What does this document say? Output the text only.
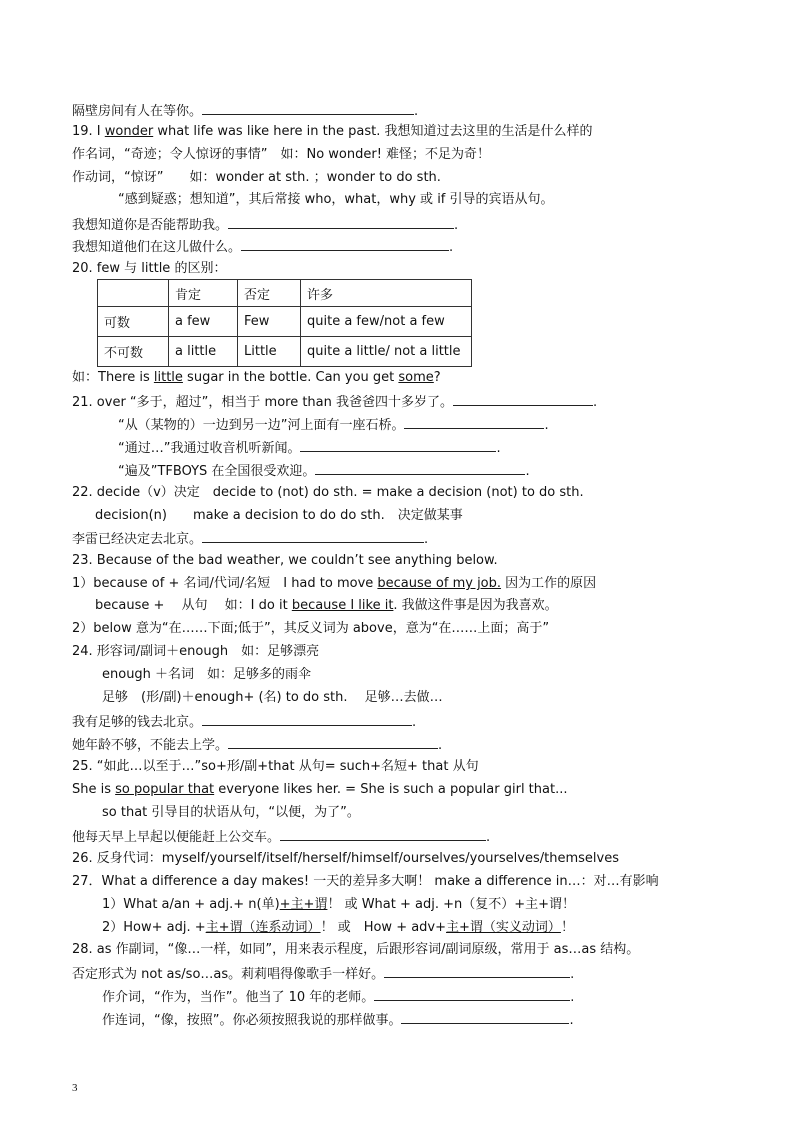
隔壁房间有人在等你。	.
19. I wonder what life was like here in the past. 我想知道过去这里的生活是什么样的
作名词，“奇迹；令人惊讶的事情”　如：No wonder! 难怪；不足为奇！
作动词，“惊讶”　　如：wonder at sth. ；wonder to do sth.
“感到疑惑；想知道”，其后常接 who，what，why 或 if 引导的宾语从句。
我想知道你是否能帮助我。	.
我想知道他们在这儿做什么。	.
20. few 与 little 的区别：
	肯定	否定	许多
可数	a few	Few	quite a few/not a few
不可数	a little	Little	quite a little/ not a little
如：There is little sugar in the bottle. Can you get some?
21. over “多于，超过”，相当于 more than 我爸爸四十多岁了。	.
“从（某物的）一边到另一边”河上面有一座石桥。	.
“通过…”我通过收音机听新闻。	.
“遍及”TFBOYS 在全国很受欢迎。	.
22. decide（v）决定　decide to (not) do sth. = make a decision (not) to do sth.
decision(n)　　make a decision to do do sth.　决定做某事
李雷已经决定去北京。	.
23. Because of the bad weather, we couldn’t see anything below.
1）because of + 名词/代词/名短　I had to move because of my job. 因为工作的原因
because +　 从句　 如：I do it because I like it. 我做这件事是因为我喜欢。
2）below 意为“在……下面;低于”，其反义词为 above，意为“在……上面；高于”
24. 形容词/副词＋enough　如：足够漂亮
enough ＋名词　如：足够多的雨伞
足够　(形/副)＋enough+ (名) to do sth.　 足够…去做…
我有足够的钱去北京。	.
她年龄不够，不能去上学。	.
25. “如此…以至于…”so+形/副+that 从句= such+名短+ that 从句
She is so popular that everyone likes her. = She is such a popular girl that...
so that 引导目的状语从句，“以便，为了”。
他每天早上早起以便能赶上公交车。	.
26. 反身代词：myself/yourself/itself/herself/himself/ourselves/yourselves/themselves
27．What a difference a day makes! 一天的差异多大啊！ make a difference in…：对…有影响
1）What a/an + adj.+ n(单)+主+谓！ 或 What + adj. +n（复不）+主+谓！
2）How+ adj. +主+谓（连系动词）！ 或　How + adv+主+谓（实义动词）！
28. as 作副词，“像…一样，如同”，用来表示程度，后跟形容词/副词原级，常用于 as…as 结构。
否定形式为 not as/so…as。莉莉唱得像歌手一样好。	.
作介词，“作为，当作”。他当了 10 年的老师。	.
作连词，“像，按照”。你必须按照我说的那样做事。	.
3
